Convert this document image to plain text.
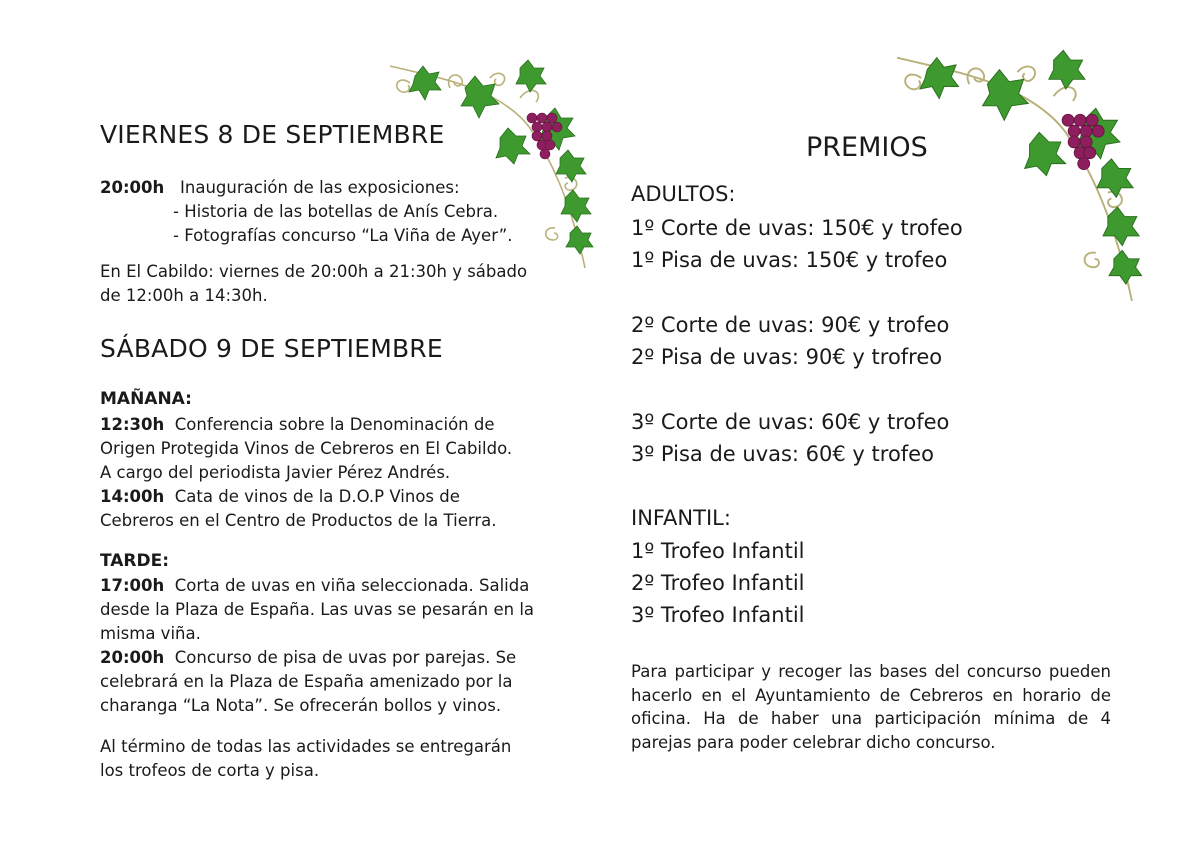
VIERNES 8 DE SEPTIEMBRE
20:00h Inauguración de las exposiciones:
- Historia de las botellas de Anís Cebra.
- Fotografías concurso “La Viña de Ayer”.
En El Cabildo: viernes de 20:00h a 21:30h y sábado
de 12:00h a 14:30h.
SÁBADO 9 DE SEPTIEMBRE
MAÑANA:
12:30h Conferencia sobre la Denominación de
Origen Protegida Vinos de Cebreros en El Cabildo.
A cargo del periodista Javier Pérez Andrés.
14:00h Cata de vinos de la D.O.P Vinos de
Cebreros en el Centro de Productos de la Tierra.
TARDE:
17:00h Corta de uvas en viña seleccionada. Salida
desde la Plaza de España. Las uvas se pesarán en la
misma viña.
20:00h Concurso de pisa de uvas por parejas. Se
celebrará en la Plaza de España amenizado por la
charanga “La Nota”. Se ofrecerán bollos y vinos.
Al término de todas las actividades se entregarán
los trofeos de corta y pisa.
PREMIOS
ADULTOS:
1º Corte de uvas: 150€ y trofeo
1º Pisa de uvas: 150€ y trofeo
2º Corte de uvas: 90€ y trofeo
2º Pisa de uvas: 90€ y trofreo
3º Corte de uvas: 60€ y trofeo
3º Pisa de uvas: 60€ y trofeo
INFANTIL:
1º Trofeo Infantil
2º Trofeo Infantil
3º Trofeo Infantil
Para participar y recoger las bases del concurso pueden hacerlo en el Ayuntamiento de Cebreros en horario de oficina. Ha de haber una participación mínima de 4 parejas para poder celebrar dicho concurso.
